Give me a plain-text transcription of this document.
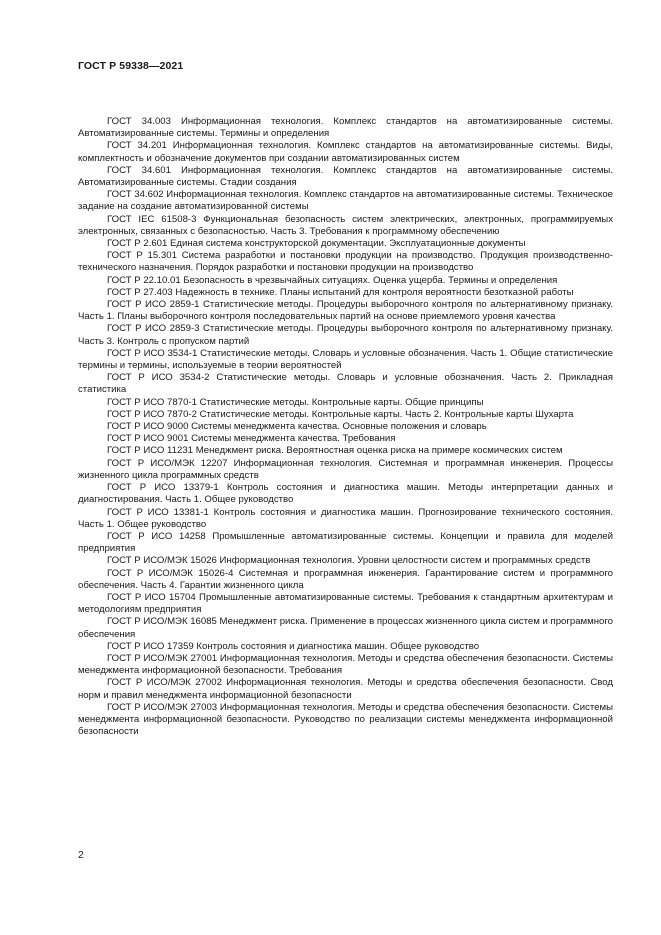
ГОСТ Р 59338—2021

ГОСТ 34.003 Информационная технология. Комплекс стандартов на автоматизированные системы. Автоматизированные системы. Термины и определения

ГОСТ 34.201 Информационная технология. Комплекс стандартов на автоматизированные системы. Виды, комплектность и обозначение документов при создании автоматизированных систем

ГОСТ 34.601 Информационная технология. Комплекс стандартов на автоматизированные системы. Автоматизированные системы. Стадии создания

ГОСТ 34.602 Информационная технология. Комплекс стандартов на автоматизированные системы. Техническое задание на создание автоматизированной системы

ГОСТ IEC 61508-3 Функциональная безопасность систем электрических, электронных, программируемых электронных, связанных с безопасностью. Часть 3. Требования к программному обеспечению

ГОСТ Р 2.601 Единая система конструкторской документации. Эксплуатационные документы

ГОСТ Р 15.301 Система разработки и постановки продукции на производство. Продукция производственно-технического назначения. Порядок разработки и постановки продукции на производство

ГОСТ Р 22.10.01 Безопасность в чрезвычайных ситуациях. Оценка ущерба. Термины и определения

ГОСТ Р 27.403 Надежность в технике. Планы испытаний для контроля вероятности безотказной работы

ГОСТ Р ИСО 2859-1 Статистические методы. Процедуры выборочного контроля по альтернативному признаку. Часть 1. Планы выборочного контроля последовательных партий на основе приемлемого уровня качества

ГОСТ Р ИСО 2859-3 Статистические методы. Процедуры выборочного контроля по альтернативному признаку. Часть 3. Контроль с пропуском партий

ГОСТ Р ИСО 3534-1 Статистические методы. Словарь и условные обозначения. Часть 1. Общие статистические термины и термины, используемые в теории вероятностей

ГОСТ Р ИСО 3534-2 Статистические методы. Словарь и условные обозначения. Часть 2. Прикладная статистика

ГОСТ Р ИСО 7870-1 Статистические методы. Контрольные карты. Общие принципы

ГОСТ Р ИСО 7870-2 Статистические методы. Контрольные карты. Часть 2. Контрольные карты Шухарта

ГОСТ Р ИСО 9000 Системы менеджмента качества. Основные положения и словарь

ГОСТ Р ИСО 9001 Системы менеджмента качества. Требования

ГОСТ Р ИСО 11231 Менеджмент риска. Вероятностная оценка риска на примере космических систем

ГОСТ Р ИСО/МЭК 12207 Информационная технология. Системная и программная инженерия. Процессы жизненного цикла программных средств

ГОСТ Р ИСО 13379-1 Контроль состояния и диагностика машин. Методы интерпретации данных и диагностирования. Часть 1. Общее руководство

ГОСТ Р ИСО 13381-1 Контроль состояния и диагностика машин. Прогнозирование технического состояния. Часть 1. Общее руководство

ГОСТ Р ИСО 14258 Промышленные автоматизированные системы. Концепции и правила для моделей предприятия

ГОСТ Р ИСО/МЭК 15026 Информационная технология. Уровни целостности систем и программных средств

ГОСТ Р ИСО/МЭК 15026-4 Системная и программная инженерия. Гарантирование систем и программного обеспечения. Часть 4. Гарантии жизненного цикла

ГОСТ Р ИСО 15704 Промышленные автоматизированные системы. Требования к стандартным архитектурам и методологиям предприятия

ГОСТ Р ИСО/МЭК 16085 Менеджмент риска. Применение в процессах жизненного цикла систем и программного обеспечения

ГОСТ Р ИСО 17359 Контроль состояния и диагностика машин. Общее руководство

ГОСТ Р ИСО/МЭК 27001 Информационная технология. Методы и средства обеспечения безопасности. Системы менеджмента информационной безопасности. Требования

ГОСТ Р ИСО/МЭК 27002 Информационная технология. Методы и средства обеспечения безопасности. Свод норм и правил менеджмента информационной безопасности

ГОСТ Р ИСО/МЭК 27003 Информационная технология. Методы и средства обеспечения безопасности. Системы менеджмента информационной безопасности. Руководство по реализации системы менеджмента информационной безопасности

2
